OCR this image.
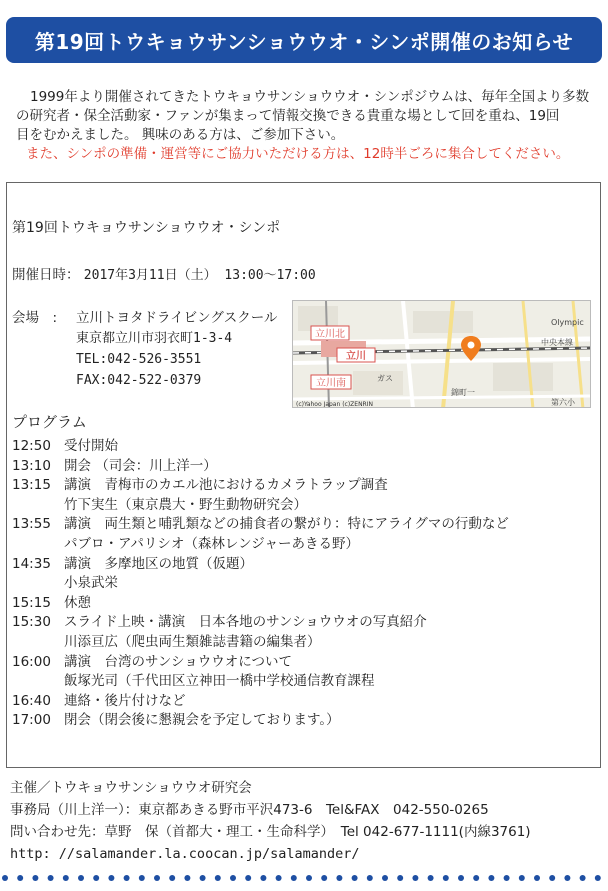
第19回トウキョウサンショウウオ・シンポ開催のお知らせ
1999年より開催されてきたトウキョウサンショウウオ・シンポジウムは、毎年全国より多数
の研究者・保全活動家・ファンが集まって情報交換できる貴重な場として回を重ね、19回
目をむかえました。 興味のある方は、ご参加下さい。
また、シンポの準備・運営等にご協力いただける方は、12時半ごろに集合してください。
第19回トウキョウサンショウウオ・シンポ
開催日時： 2017年3月11日（土） 13:00〜17:00
会場　: 立川トヨタドライビングスクール
東京都立川市羽衣町1-3-4
TEL:042-526-3551
FAX:042-522-0379
立川北
立川
立川南
Olympic
中央本線
ガス
錦町一
第六小
(c)Yahoo Japan (c)ZENRIN
プログラム
12:50 受付開始
13:10 開会 （司会：川上洋一）
13:15 講演　青梅市のカエル池におけるカメラトラップ調査
竹下実生（東京農大・野生動物研究会）
13:55 講演　両生類と哺乳類などの捕食者の繋がり：特にアライグマの行動など
パブロ・アパリシオ（森林レンジャーあきる野）
14:35 講演　多摩地区の地質（仮題）
小泉武栄
15:15 休憩
15:30 スライド上映・講演　日本各地のサンショウウオの写真紹介
川添亘広（爬虫両生類雑誌書籍の編集者）
16:00 講演　台湾のサンショウウオについて
飯塚光司（千代田区立神田一橋中学校通信教育課程
16:40 連絡・後片付けなど
17:00 閉会（閉会後に懇親会を予定しております。）
主催／トウキョウサンショウウオ研究会
事務局（川上洋一）：東京都あきる野市平沢473-6　Tel&FAX　042-550-0265
問い合わせ先：草野　保（首都大・理工・生命科学）　Tel 042-677-1111(内線3761)
http: //salamander.la.coocan.jp/salamander/
